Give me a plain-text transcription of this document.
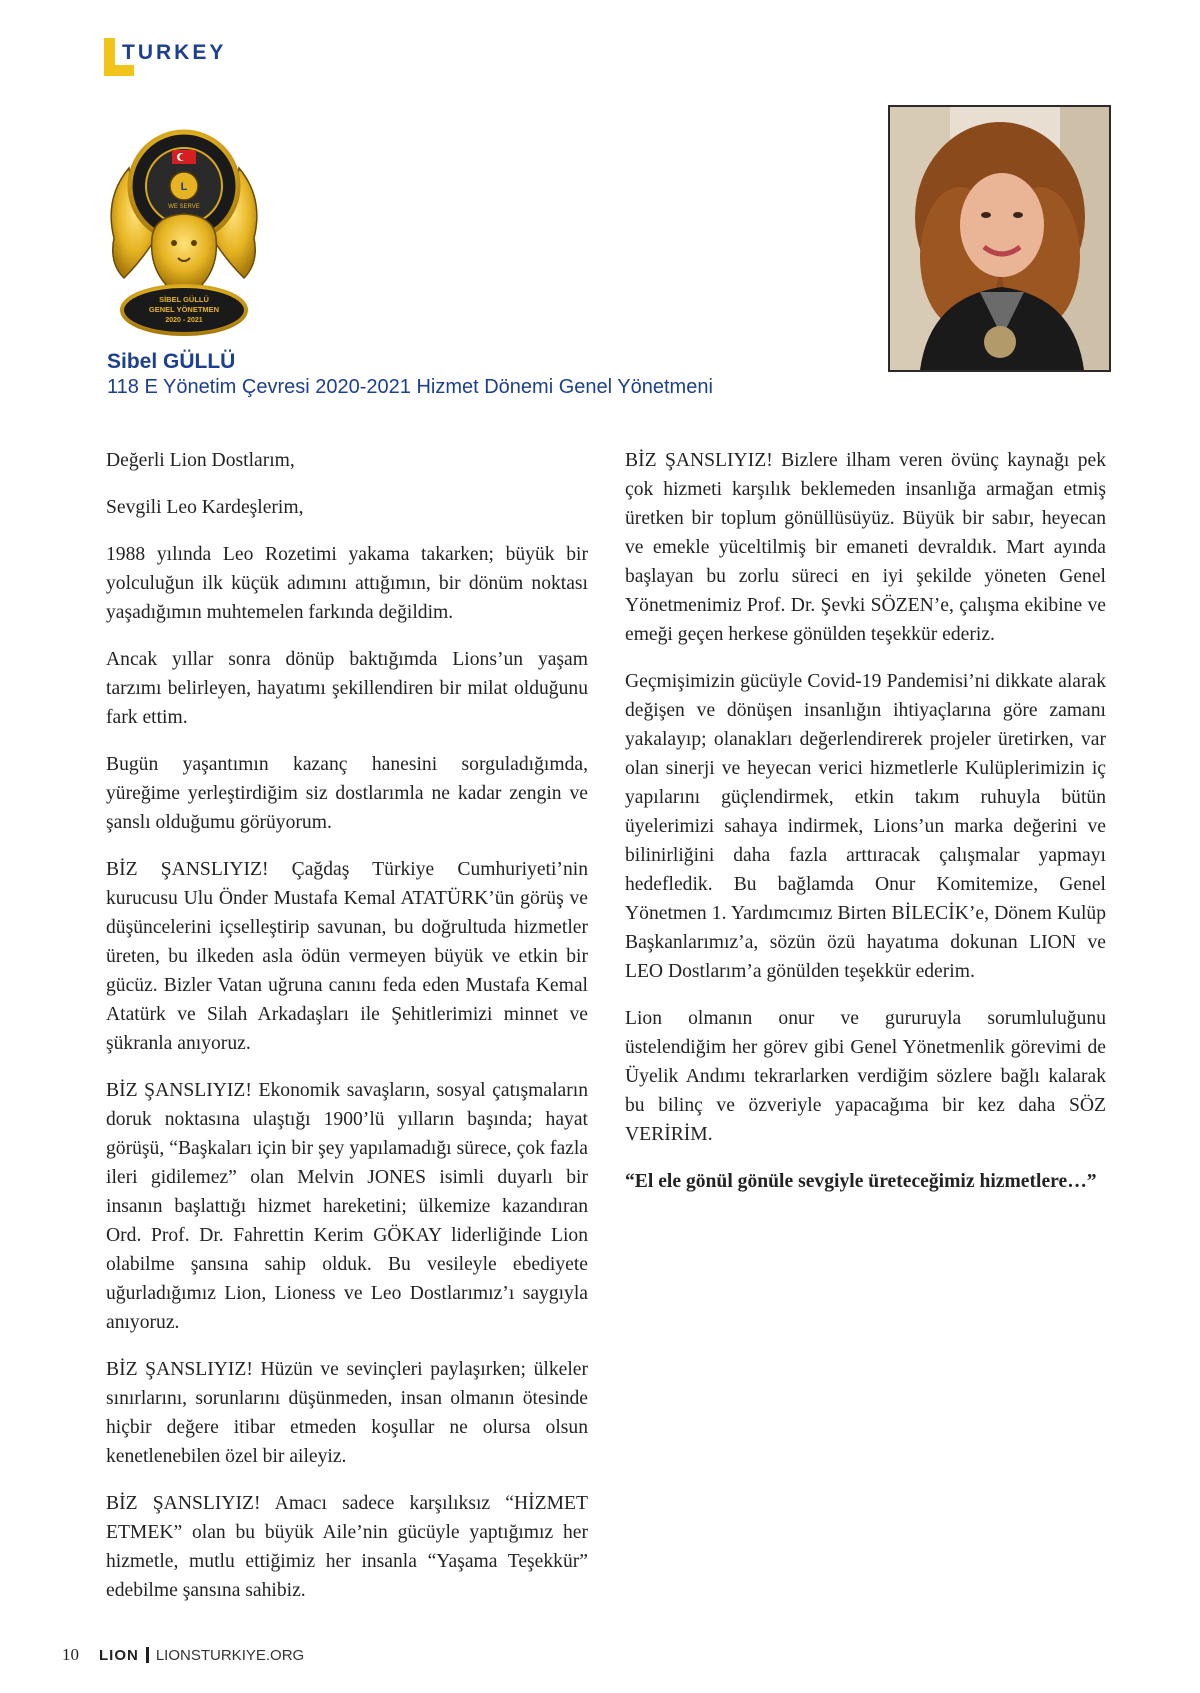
TURKEY
L
WE SERVE
SİBEL GÜLLÜ
GENEL YÖNETMEN
2020 - 2021
Sibel GÜLLÜ
118 E Yönetim Çevresi 2020-2021 Hizmet Dönemi Genel Yönetmeni

Değerli Lion Dostlarım,

Sevgili Leo Kardeşlerim,

1988 yılında Leo Rozetimi yakama takarken; büyük bir yolculuğun ilk küçük adımını attığımın, bir dönüm noktası yaşadığımın muhtemelen farkında değildim.

Ancak yıllar sonra dönüp baktığımda Lions’un yaşam tarzımı belirleyen, hayatımı şekillendiren bir milat olduğunu fark ettim.

Bugün yaşantımın kazanç hanesini sorguladığımda, yüreğime yerleştirdiğim siz dostlarımla ne kadar zengin ve şanslı olduğumu görüyorum.

BİZ ŞANSLIYIZ! Çağdaş Türkiye Cumhuriyeti’nin kurucusu Ulu Önder Mustafa Kemal ATATÜRK’ün görüş ve düşüncelerini içselleştirip savunan, bu doğrultuda hizmetler üreten, bu ilkeden asla ödün vermeyen büyük ve etkin bir gücüz. Bizler Vatan uğruna canını feda eden Mustafa Kemal Atatürk ve Silah Arkadaşları ile Şehitlerimizi minnet ve şükranla anıyoruz.

BİZ ŞANSLIYIZ! Ekonomik savaşların, sosyal çatışmaların doruk noktasına ulaştığı 1900’lü yılların başında; hayat görüşü, “Başkaları için bir şey yapılamadığı sürece, çok fazla ileri gidilemez” olan Melvin JONES isimli duyarlı bir insanın başlattığı hizmet hareketini; ülkemize kazandıran Ord. Prof. Dr. Fahrettin Kerim GÖKAY liderliğinde Lion olabilme şansına sahip olduk. Bu vesileyle ebediyete uğurladığımız Lion, Lioness ve Leo Dostlarımız’ı saygıyla anıyoruz.

BİZ ŞANSLIYIZ! Hüzün ve sevinçleri paylaşırken; ülkeler sınırlarını, sorunlarını düşünmeden, insan olmanın ötesinde hiçbir değere itibar etmeden koşullar ne olursa olsun kenetlenebilen özel bir aileyiz.

BİZ ŞANSLIYIZ! Amacı sadece karşılıksız “HİZMET ETMEK” olan bu büyük Aile’nin gücüyle yaptığımız her hizmetle, mutlu ettiğimiz her insanla “Yaşama Teşekkür” edebilme şansına sahibiz.

BİZ ŞANSLIYIZ! Bizlere ilham veren övünç kaynağı pek çok hizmeti karşılık beklemeden insanlığa armağan etmiş üretken bir toplum gönüllüsüyüz. Büyük bir sabır, heyecan ve emekle yüceltilmiş bir emaneti devraldık. Mart ayında başlayan bu zorlu süreci en iyi şekilde yöneten Genel Yönetmenimiz Prof. Dr. Şevki SÖZEN’e, çalışma ekibine ve emeği geçen herkese gönülden teşekkür ederiz.

Geçmişimizin gücüyle Covid-19 Pandemisi’ni dikkate alarak değişen ve dönüşen insanlığın ihtiyaçlarına göre zamanı yakalayıp; olanakları değerlendirerek projeler üretirken, var olan sinerji ve heyecan verici hizmetlerle Kulüplerimizin iç yapılarını güçlendirmek, etkin takım ruhuyla bütün üyelerimizi sahaya indirmek, Lions’un marka değerini ve bilinirliğini daha fazla arttıracak çalışmalar yapmayı hedefledik. Bu bağlamda Onur Komitemize, Genel Yönetmen 1. Yardımcımız Birten BİLECİK’e, Dönem Kulüp Başkanlarımız’a, sözün özü hayatıma dokunan LION ve LEO Dostlarım’a gönülden teşekkür ederim.

Lion olmanın onur ve gururuyla sorumluluğunu üstelendiğim her görev gibi Genel Yönetmenlik görevimi de Üyelik Andımı tekrarlarken verdiğim sözlere bağlı kalarak bu bilinç ve özveriyle yapacağıma bir kez daha SÖZ VERİRİM.

“El ele gönül gönüle sevgiyle üreteceğimiz hizmetlere…”

10 LION LIONSTURKIYE.ORG
